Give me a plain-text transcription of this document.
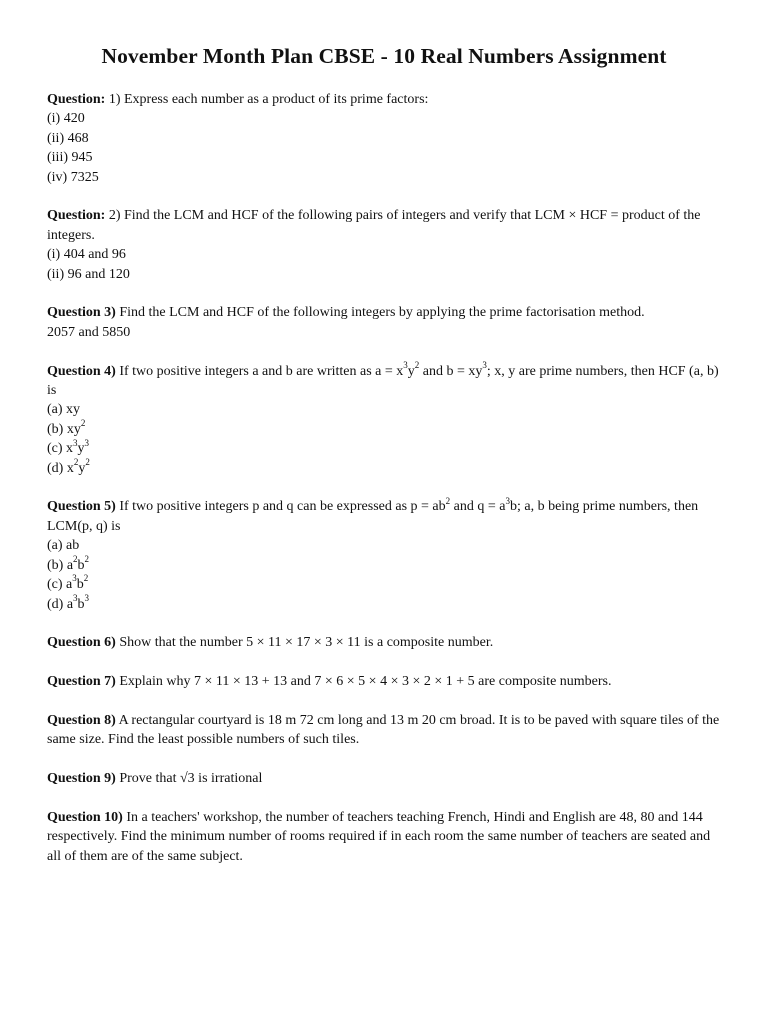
November Month Plan CBSE - 10 Real Numbers Assignment

Question: 1) Express each number as a product of its prime factors:

(i) 420

(ii) 468

(iii) 945

(iv) 7325

Question: 2) Find the LCM and HCF of the following pairs of integers and verify that LCM × HCF = product of the integers.

(i) 404 and 96

(ii) 96 and 120

Question 3) Find the LCM and HCF of the following integers by applying the prime factorisation method.

2057 and 5850

Question 4) If two positive integers a and b are written as $a = x^3y^2$ and $b = xy^3$; x, y are prime numbers, then HCF (a, b) is

(a) xy

(b) $xy^2$

(c) $x^3y^3$

(d) $x^2y^2$

Question 5) If two positive integers p and q can be expressed as $p = ab^2$ and $q = a^3b$; a, b being prime numbers, then LCM(p, q) is

(a) ab

(b) $a^2b^2$

(c) $a^3b^2$

(d) $a^3b^3$

Question 6) Show that the number 5 × 11 × 17 × 3 × 11 is a composite number.

Question 7) Explain why 7 × 11 × 13 + 13 and 7 × 6 × 5 × 4 × 3 × 2 × 1 + 5 are composite numbers.

Question 8) A rectangular courtyard is 18 m 72 cm long and 13 m 20 cm broad. It is to be paved with square tiles of the same size. Find the least possible numbers of such tiles.

Question 9) Prove that √3 is irrational

Question 10) In a teachers' workshop, the number of teachers teaching French, Hindi and English are 48, 80 and 144 respectively. Find the minimum number of rooms required if in each room the same number of teachers are seated and all of them are of the same subject.
